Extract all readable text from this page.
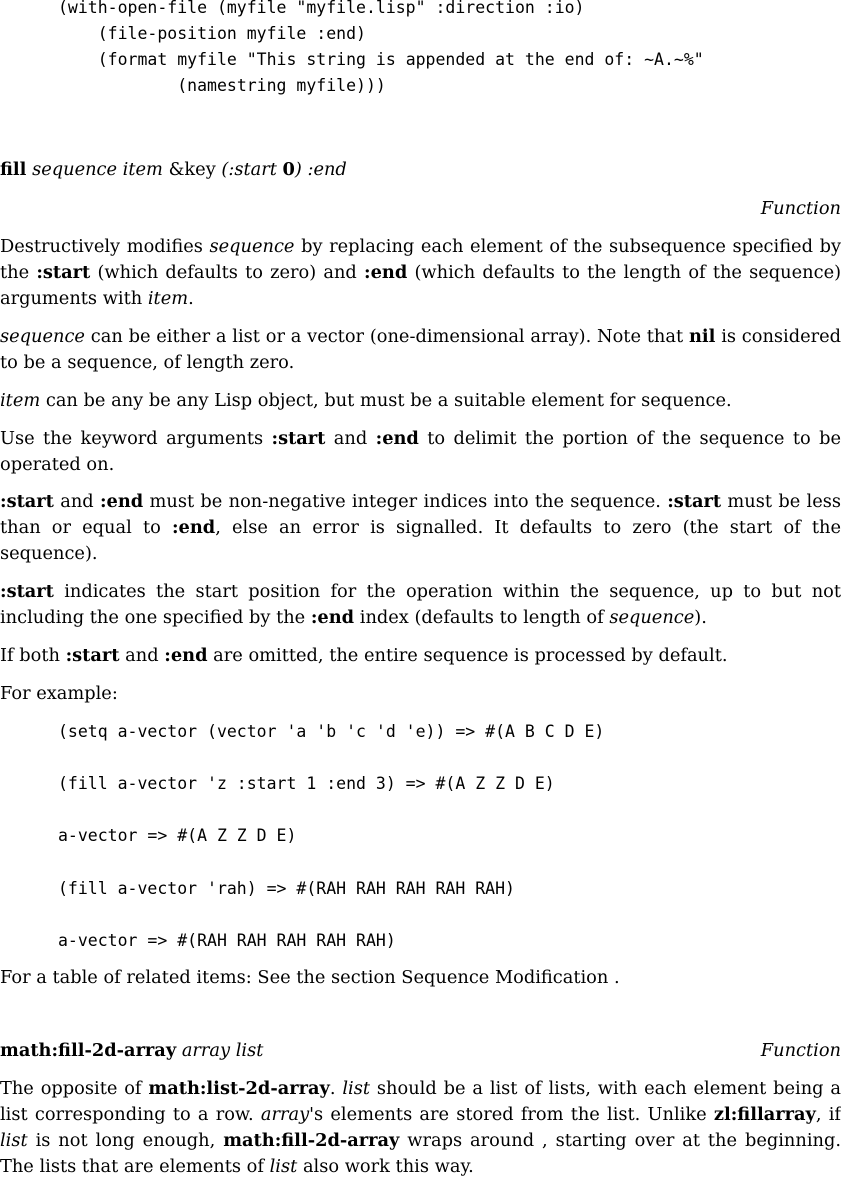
(with-open-file (myfile "myfile.lisp" :direction :io)
(file-position myfile :end)
(format myfile "This string is appended at the end of: ~A.~%"
(namestring myfile)))

fill sequence item &key (:start 0) :end

Function

Destructively modifies sequence by replacing each element of the subsequence specified by the :start (which defaults to zero) and :end (which defaults to the length of the sequence) arguments with item.

sequence can be either a list or a vector (one-dimensional array). Note that nil is considered to be a sequence, of length zero.

item can be any be any Lisp object, but must be a suitable element for sequence.

Use the keyword arguments :start and :end to delimit the portion of the sequence to be operated on.

:start and :end must be non-negative integer indices into the sequence. :start must be less than or equal to :end, else an error is signalled. It defaults to zero (the start of the sequence).

:start indicates the start position for the operation within the sequence, up to but not including the one specified by the :end index (defaults to length of sequence).

If both :start and :end are omitted, the entire sequence is processed by default.

For example:

(setq a-vector (vector 'a 'b 'c 'd 'e)) => #(A B C D E)
(fill a-vector 'z :start 1 :end 3) => #(A Z Z D E)
a-vector => #(A Z Z D E)
(fill a-vector 'rah) => #(RAH RAH RAH RAH RAH)
a-vector => #(RAH RAH RAH RAH RAH)

For a table of related items: See the section Sequence Modification .

math:fill-2d-array array list	Function

The opposite of math:list-2d-array. list should be a list of lists, with each element being a list corresponding to a row. array's elements are stored from the list. Unlike zl:fillarray, if list is not long enough, math:fill-2d-array wraps around , starting over at the beginning. The lists that are elements of list also work this way.
